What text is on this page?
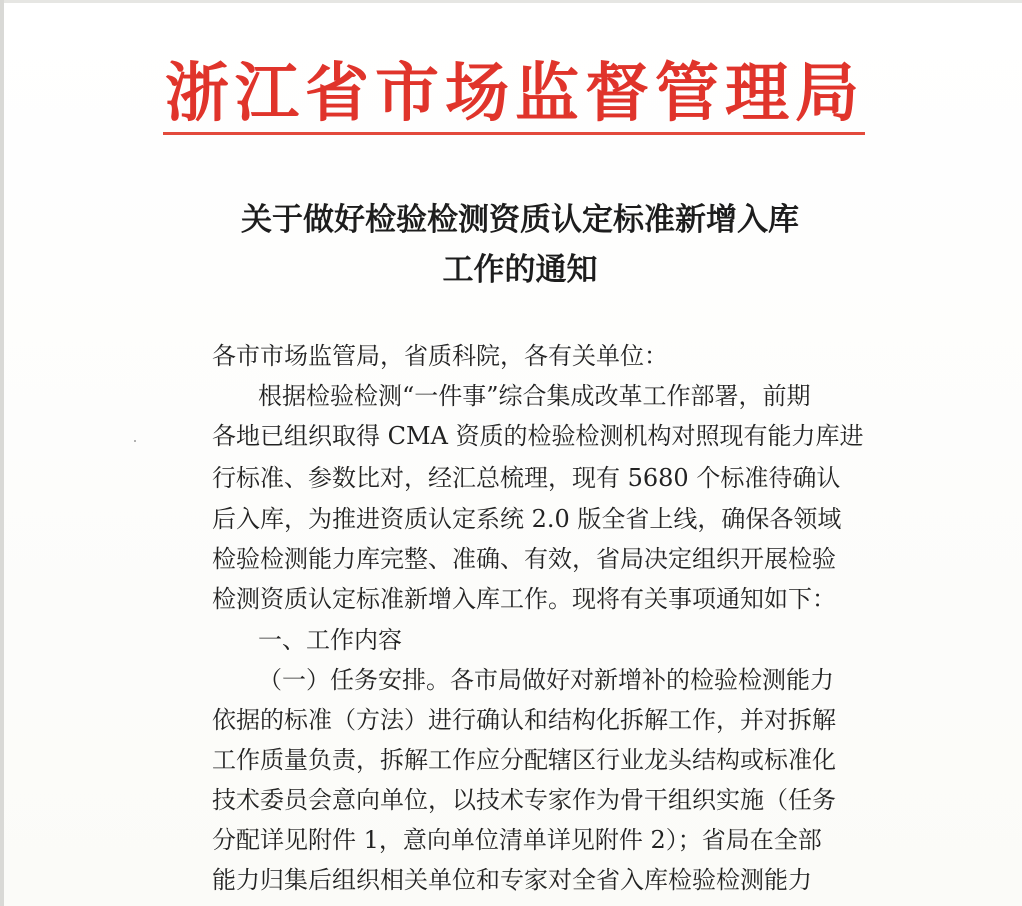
浙江省市场监督管理局
关于做好检验检测资质认定标准新增入库
工作的通知
各市市场监管局，省质科院，各有关单位：
根据检验检测“一件事”综合集成改革工作部署，前期
各地已组织取得 CMA 资质的检验检测机构对照现有能力库进
行标准、参数比对，经汇总梳理，现有 5680 个标准待确认
后入库，为推进资质认定系统 2.0 版全省上线，确保各领域
检验检测能力库完整、准确、有效，省局决定组织开展检验
检测资质认定标准新增入库工作。现将有关事项通知如下：
一、工作内容
（一）任务安排。各市局做好对新增补的检验检测能力
依据的标准（方法）进行确认和结构化拆解工作，并对拆解
工作质量负责，拆解工作应分配辖区行业龙头结构或标准化
技术委员会意向单位，以技术专家作为骨干组织实施（任务
分配详见附件 1，意向单位清单详见附件 2）；省局在全部
能力归集后组织相关单位和专家对全省入库检验检测能力
